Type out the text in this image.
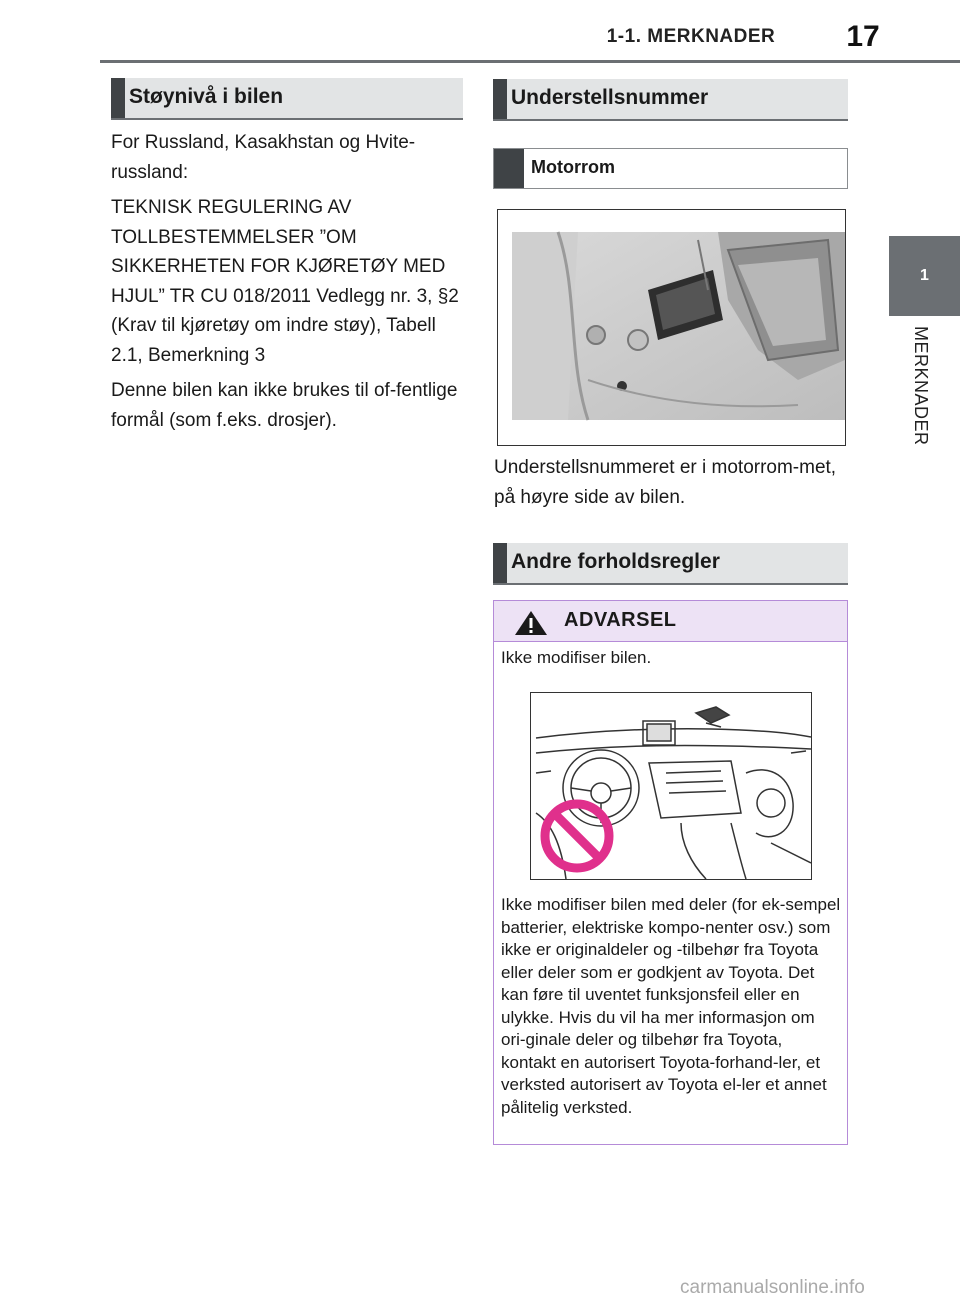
1-1. MERKNADER	17
1
MERKNADER
Støynivå i bilen

For Russland, Kasakhstan og Hvite-russland:

TEKNISK REGULERING AV TOLLBESTEMMELSER ”OM SIKKERHETEN FOR KJØRETØY MED HJUL” TR CU 018/2011 Vedlegg nr. 3, §2 (Krav til kjøretøy om indre støy), Tabell 2.1, Bemerkning 3

Denne bilen kan ikke brukes til of-fentlige formål (som f.eks. drosjer).

Understellsnummer
Motorrom
Understellsnummeret er i motorrom-met, på høyre side av bilen.
Andre forholdsregler
ADVARSEL
Ikke modifiser bilen.
Ikke modifiser bilen med deler (for ek-sempel batterier, elektriske kompo-nenter osv.) som ikke er originaldeler og -tilbehør fra Toyota eller deler som er godkjent av Toyota. Det kan føre til uventet funksjonsfeil eller en ulykke. Hvis du vil ha mer informasjon om ori-ginale deler og tilbehør fra Toyota, kontakt en autorisert Toyota-forhand-ler, et verksted autorisert av Toyota el-ler et annet pålitelig verksted.
carmanualsonline.info
